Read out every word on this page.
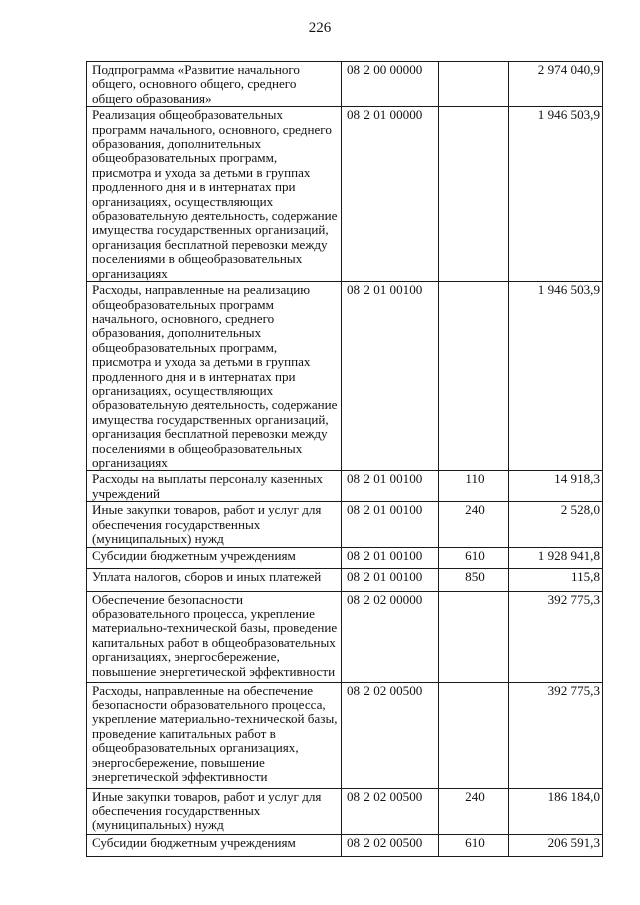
226
Подпрограмма «Развитие начального общего, основного общего, среднего общего образования»	08 2 00 00000		2 974 040,9
Реализация общеобразовательных программ начального, основного, среднего образования, дополнительных общеобразовательных программ, присмотра и ухода за детьми в группах продленного дня и в интернатах при организациях, осуществляющих образовательную деятельность, содержание имущества государственных организаций, организация бесплатной перевозки между поселениями в общеобразовательных организациях	08 2 01 00000		1 946 503,9
Расходы, направленные на реализацию общеобразовательных программ начального, основного, среднего образования, дополнительных общеобразовательных программ, присмотра и ухода за детьми в группах продленного дня и в интернатах при организациях, осуществляющих образовательную деятельность, содержание имущества государственных организаций, организация бесплатной перевозки между поселениями в общеобразовательных организациях	08 2 01 00100		1 946 503,9
Расходы на выплаты персоналу казенных учреждений	08 2 01 00100	110	14 918,3
Иные закупки товаров, работ и услуг для обеспечения государственных (муниципальных) нужд	08 2 01 00100	240	2 528,0
Субсидии бюджетным учреждениям	08 2 01 00100	610	1 928 941,8
Уплата налогов, сборов и иных платежей	08 2 01 00100	850	115,8
Обеспечение безопасности образовательного процесса, укрепление материально-технической базы, проведение капитальных работ в общеобразовательных организациях, энергосбережение, повышение энергетической эффективности	08 2 02 00000		392 775,3
Расходы, направленные на обеспечение безопасности образовательного процесса, укрепление материально-технической базы, проведение капитальных работ в общеобразовательных организациях, энергосбережение, повышение энергетической эффективности	08 2 02 00500		392 775,3
Иные закупки товаров, работ и услуг для обеспечения государственных (муниципальных) нужд	08 2 02 00500	240	186 184,0
Субсидии бюджетным учреждениям	08 2 02 00500	610	206 591,3
